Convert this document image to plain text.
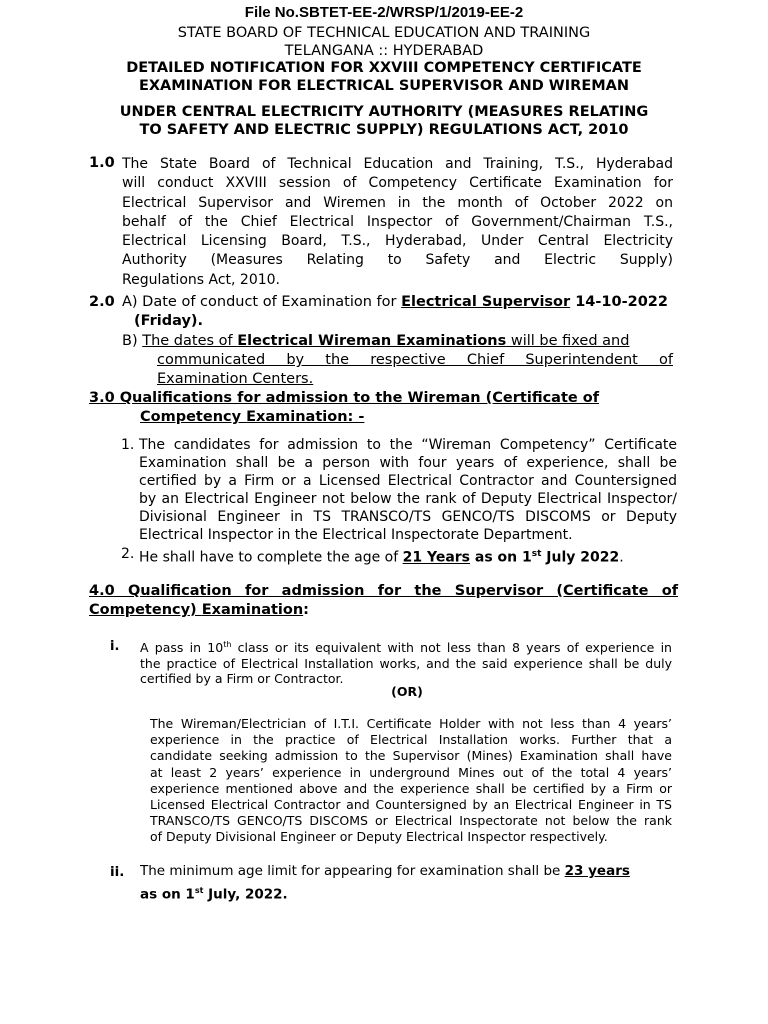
File No.SBTET-EE-2/WRSP/1/2019-EE-2
STATE BOARD OF TECHNICAL EDUCATION AND TRAINING
TELANGANA :: HYDERABAD
DETAILED NOTIFICATION FOR XXVIII COMPETENCY CERTIFICATE
EXAMINATION FOR ELECTRICAL SUPERVISOR AND WIREMAN
UNDER CENTRAL ELECTRICITY AUTHORITY (MEASURES RELATING
TO SAFETY AND ELECTRIC SUPPLY) REGULATIONS ACT, 2010
1.0 The State Board of Technical Education and Training, T.S., Hyderabad
will conduct XXVIII session of Competency Certificate Examination for
Electrical Supervisor and Wiremen in the month of October 2022 on
behalf of the Chief Electrical Inspector of Government/Chairman T.S.,
Electrical Licensing Board, T.S., Hyderabad, Under Central Electricity
Authority (Measures Relating to Safety and Electric Supply)
Regulations Act, 2010.
2.0 A) Date of conduct of Examination for Electrical Supervisor 14-10-2022
(Friday).
B) The dates of Electrical Wireman Examinations will be fixed and
communicated by the respective Chief Superintendent of
Examination Centers.
3.0 Qualifications for admission to the Wireman (Certificate of
Competency Examination: -
1. The candidates for admission to the “Wireman Competency” Certificate
Examination shall be a person with four years of experience, shall be
certified by a Firm or a Licensed Electrical Contractor and Countersigned
by an Electrical Engineer not below the rank of Deputy Electrical Inspector/
Divisional Engineer in TS TRANSCO/TS GENCO/TS DISCOMS or Deputy
Electrical Inspector in the Electrical Inspectorate Department.
2. He shall have to complete the age of 21 Years as on 1st July 2022.
4.0 Qualification for admission for the Supervisor (Certificate of
Competency) Examination:
i. A pass in 10th class or its equivalent with not less than 8 years of experience in
the practice of Electrical Installation works, and the said experience shall be duly
certified by a Firm or Contractor.
(OR)
The Wireman/Electrician of I.T.I. Certificate Holder with not less than 4 years’
experience in the practice of Electrical Installation works. Further that a
candidate seeking admission to the Supervisor (Mines) Examination shall have
at least 2 years’ experience in underground Mines out of the total 4 years’
experience mentioned above and the experience shall be certified by a Firm or
Licensed Electrical Contractor and Countersigned by an Electrical Engineer in TS
TRANSCO/TS GENCO/TS DISCOMS or Electrical Inspectorate not below the rank
of Deputy Divisional Engineer or Deputy Electrical Inspector respectively.
ii. The minimum age limit for appearing for examination shall be 23 years
as on 1st July, 2022.
